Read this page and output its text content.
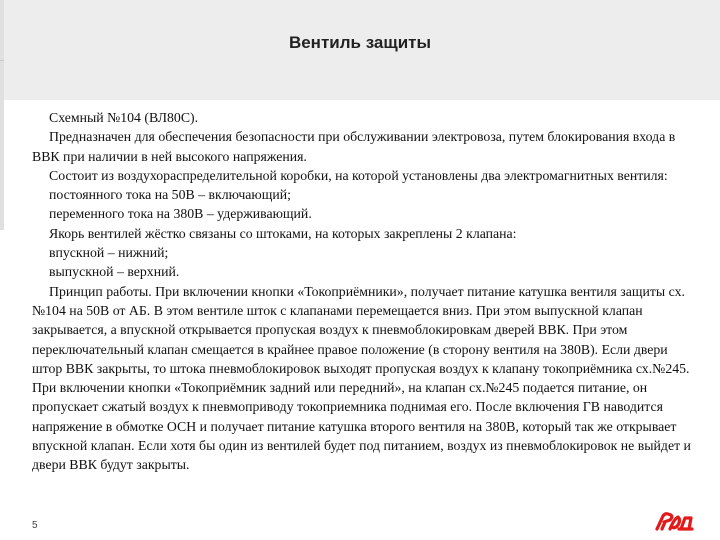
Вентиль защиты

Схемный №104 (ВЛ80С).

Предназначен для обеспечения безопасности при обслуживании электровоза, путем блокирования входа в ВВК при наличии в ней высокого напряжения.

Состоит из воздухораспределительной коробки, на которой установлены два электромагнитных вентиля:

постоянного тока на 50В – включающий;

переменного тока на 380В – удерживающий.

Якорь вентилей жёстко связаны со штоками, на которых закреплены 2 клапана:

впускной – нижний;

выпускной – верхний.

Принцип работы. При включении кнопки «Токоприёмники», получает питание катушка вентиля защиты сх.№104 на 50В от АБ. В этом вентиле шток с клапанами перемещается вниз. При этом выпускной клапан закрывается, а впускной открывается пропуская воздух к пневмоблокировкам дверей ВВК. При этом переключательный клапан смещается в крайнее правое положение (в сторону вентиля на 380В). Если двери штор ВВК закрыты, то штока пневмоблокировок выходят пропуская воздух к клапану токоприёмника сх.№245. При включении кнопки «Токоприёмник задний или передний», на клапан сх.№245 подается питание, он пропускает сжатый воздух к пневмоприводу токоприемника поднимая его. После включения ГВ наводится напряжение в обмотке ОСН и получает питание катушка второго вентиля на 380В, который так же открывает впускной клапан. Если хотя бы один из вентилей будет под питанием, воздух из пневмоблокировок не выйдет и двери ВВК будут закрыты.

5
